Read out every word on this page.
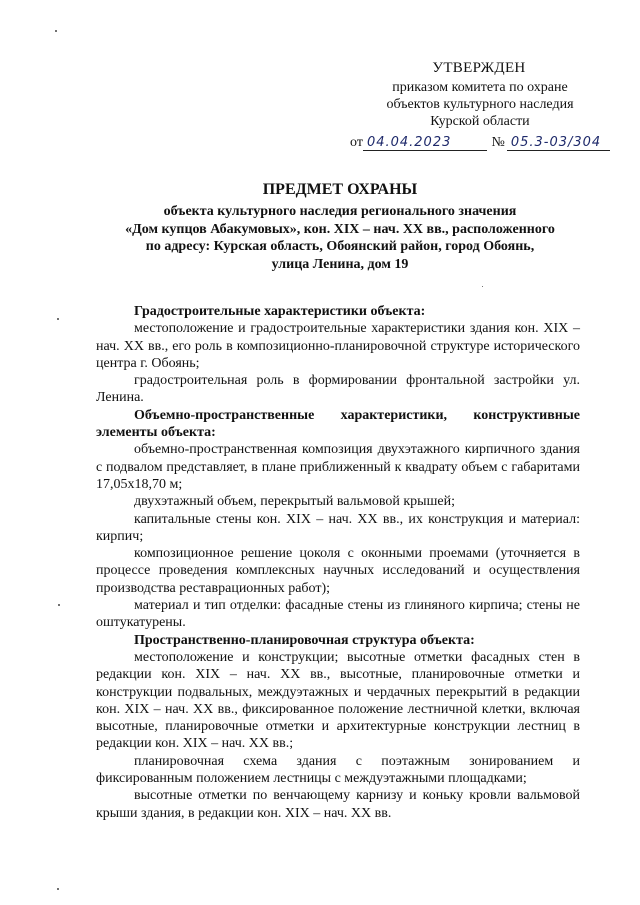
УТВЕРЖДЕН
приказом комитета по охране
объектов культурного наследия
Курской области
от 04.04.2023	№ 05.3-03/304
ПРЕДМЕТ ОХРАНЫ
объекта культурного наследия регионального значения
«Дом купцов Абакумовых», кон. XIX – нач. XX вв., расположенного
по адресу: Курская область, Обоянский район, город Обоянь,
улица Ленина, дом 19

Градостроительные характеристики объекта:

местоположение и градостроительные характеристики здания кон. XIX – нач. XX вв., его роль в композиционно-планировочной структуре исторического центра г. Обоянь;

градостроительная роль в формировании фронтальной застройки ул. Ленина.

Объемно-пространственные характеристики, конструктивные элементы объекта:

объемно-пространственная композиция двухэтажного кирпичного здания с подвалом представляет, в плане приближенный к квадрату объем с габаритами 17,05х18,70 м;

двухэтажный объем, перекрытый вальмовой крышей;

капитальные стены кон. XIX – нач. XX вв., их конструкция и материал: кирпич;

композиционное решение цоколя с оконными проемами (уточняется в процессе проведения комплексных научных исследований и осуществления производства реставрационных работ);

материал и тип отделки: фасадные стены из глиняного кирпича; стены не оштукатурены.

Пространственно-планировочная структура объекта:

местоположение и конструкции; высотные отметки фасадных стен в редакции кон. XIX – нач. XX вв., высотные, планировочные отметки и конструкции подвальных, междуэтажных и чердачных перекрытий в редакции кон. XIX – нач. XX вв., фиксированное положение лестничной клетки, включая высотные, планировочные отметки и архитектурные конструкции лестниц в редакции кон. XIX – нач. XX вв.;

планировочная схема здания с поэтажным зонированием и фиксированным положением лестницы с междуэтажными площадками;

высотные отметки по венчающему карнизу и коньку кровли вальмовой крыши здания, в редакции кон. XIX – нач. XX вв.
